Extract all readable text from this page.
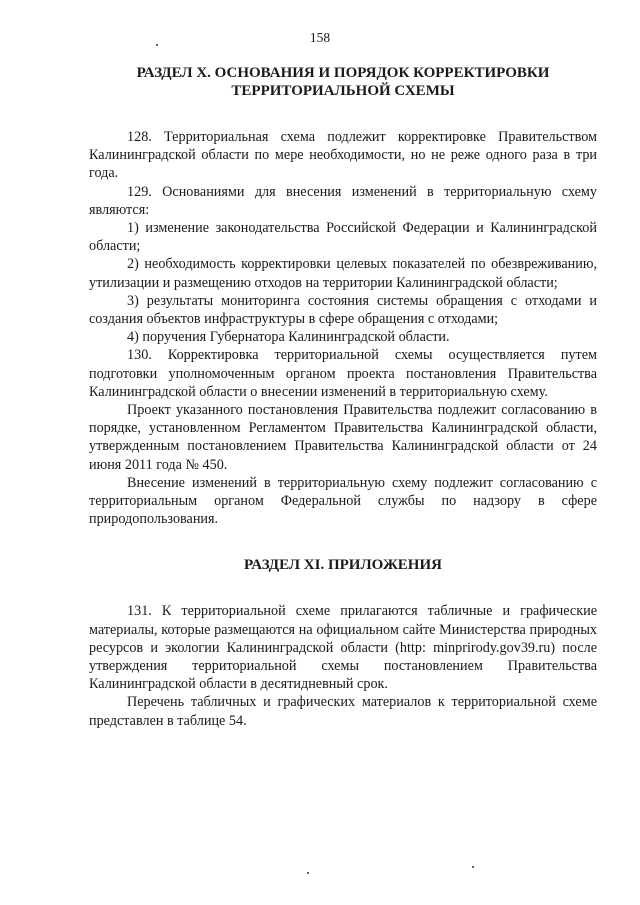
158
РАЗДЕЛ X. ОСНОВАНИЯ И ПОРЯДОК КОРРЕКТИРОВКИ
ТЕРРИТОРИАЛЬНОЙ СХЕМЫ

128. Территориальная схема подлежит корректировке Правительством Калининградской области по мере необходимости, но не реже одного раза в три года.

129. Основаниями для внесения изменений в территориальную схему являются:

1) изменение законодательства Российской Федерации и Калининградской области;

2) необходимость корректировки целевых показателей по обезвреживанию, утилизации и размещению отходов на территории Калининградской области;

3) результаты мониторинга состояния системы обращения с отходами и создания объектов инфраструктуры в сфере обращения с отходами;

4) поручения Губернатора Калининградской области.

130. Корректировка территориальной схемы осуществляется путем подготовки уполномоченным органом проекта постановления Правительства Калининградской области о внесении изменений в территориальную схему.

Проект указанного постановления Правительства подлежит согласованию в порядке, установленном Регламентом Правительства Калининградской области, утвержденным постановлением Правительства Калининградской области от 24 июня 2011 года № 450.

Внесение изменений в территориальную схему подлежит согласованию с территориальным органом Федеральной службы по надзору в сфере природопользования.

РАЗДЕЛ XI. ПРИЛОЖЕНИЯ

131. К территориальной схеме прилагаются табличные и графические материалы, которые размещаются на официальном сайте Министерства природных ресурсов и экологии Калининградской области (http: minprirody.gov39.ru) после утверждения территориальной схемы постановлением Правительства Калининградской области в десятидневный срок.

Перечень табличных и графических материалов к территориальной схеме представлен в таблице 54.
